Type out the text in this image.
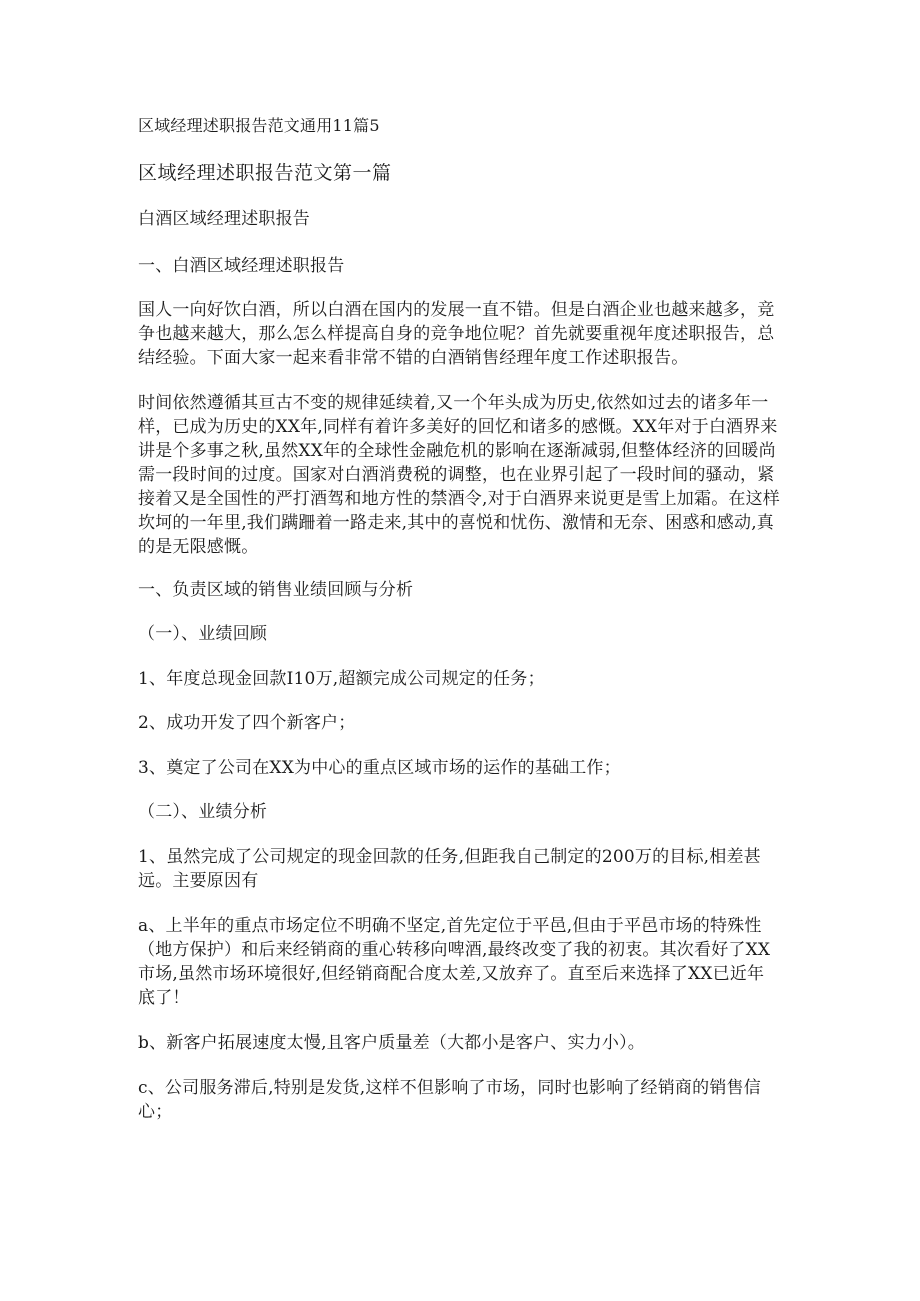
区域经理述职报告范文通用11篇5

区域经理述职报告范文第一篇

白酒区域经理述职报告

一、白酒区域经理述职报告

国人一向好饮白酒，所以白酒在国内的发展一直不错。但是白酒企业也越来越多，竞争也越来越大，那么怎么样提高自身的竞争地位呢？首先就要重视年度述职报告，总结经验。下面大家一起来看非常不错的白酒销售经理年度工作述职报告。

时间依然遵循其亘古不变的规律延续着,又一个年头成为历史,依然如过去的诸多年一样，已成为历史的XX年,同样有着许多美好的回忆和诸多的感慨。XX年对于白酒界来讲是个多事之秋,虽然XX年的全球性金融危机的影响在逐渐减弱,但整体经济的回暖尚需一段时间的过度。国家对白酒消费税的调整，也在业界引起了一段时间的骚动，紧接着又是全国性的严打酒驾和地方性的禁酒令,对于白酒界来说更是雪上加霜。在这样坎坷的一年里,我们蹒跚着一路走来,其中的喜悦和忧伤、激情和无奈、困惑和感动,真的是无限感慨。

一、负责区域的销售业绩回顾与分析

（一）、业绩回顾

1、年度总现金回款I10万,超额完成公司规定的任务；

2、成功开发了四个新客户；

3、奠定了公司在XX为中心的重点区域市场的运作的基础工作；

（二）、业绩分析

1、虽然完成了公司规定的现金回款的任务,但距我自己制定的200万的目标,相差甚远。主要原因有

a、上半年的重点市场定位不明确不坚定,首先定位于平邑,但由于平邑市场的特殊性（地方保护）和后来经销商的重心转移向啤酒,最终改变了我的初衷。其次看好了XX市场,虽然市场环境很好,但经销商配合度太差,又放弃了。直至后来选择了XX已近年底了！

b、新客户拓展速度太慢,且客户质量差（大都小是客户、实力小）。

c、公司服务滞后,特别是发货,这样不但影响了市场，同时也影响了经销商的销售信心；
